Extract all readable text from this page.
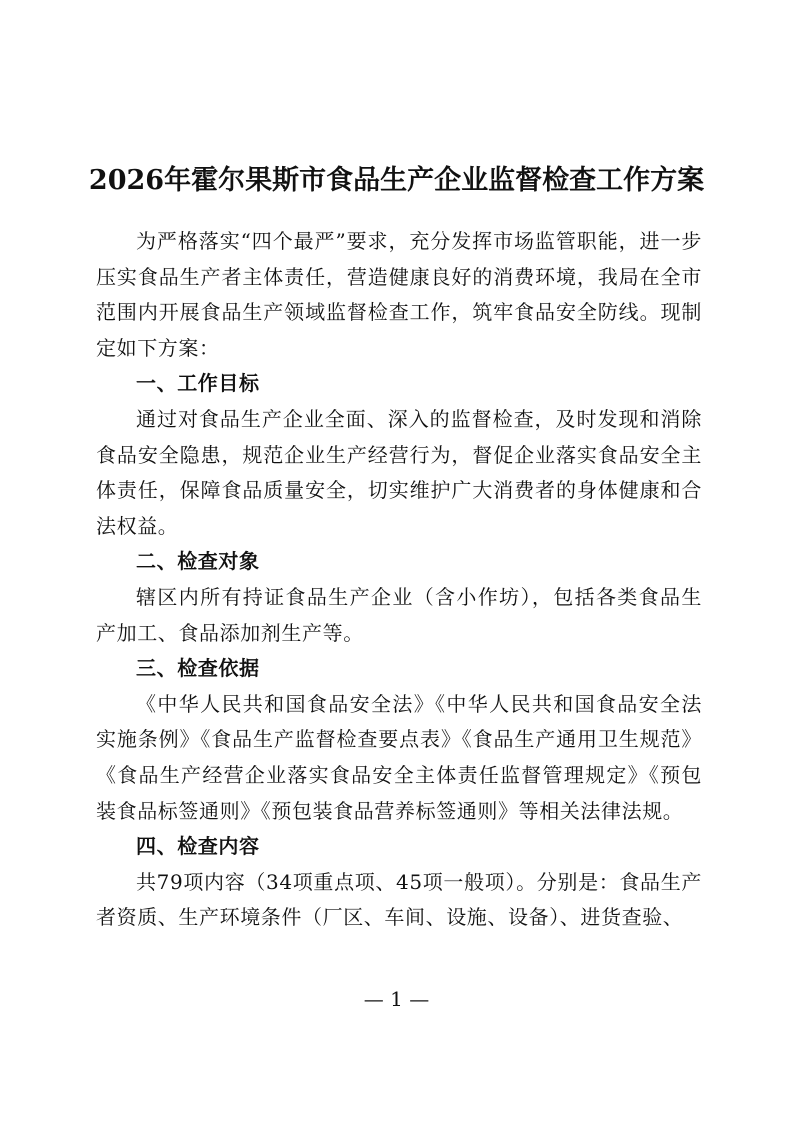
2026年霍尔果斯市食品生产企业监督检查工作方案

为严格落实“四个最严”要求，充分发挥市场监管职能，进一步压实食品生产者主体责任，营造健康良好的消费环境，我局在全市范围内开展食品生产领域监督检查工作，筑牢食品安全防线。现制定如下方案：

一、工作目标

通过对食品生产企业全面、深入的监督检查，及时发现和消除食品安全隐患，规范企业生产经营行为，督促企业落实食品安全主体责任，保障食品质量安全，切实维护广大消费者的身体健康和合法权益。

二、检查对象

辖区内所有持证食品生产企业（含小作坊），包括各类食品生产加工、食品添加剂生产等。

三、检查依据

《中华人民共和国食品安全法》《中华人民共和国食品安全法实施条例》《食品生产监督检查要点表》《食品生产通用卫生规范》《食品生产经营企业落实食品安全主体责任监督管理规定》《预包装食品标签通则》《预包装食品营养标签通则》等相关法律法规。

四、检查内容

共79项内容（34项重点项、45项一般项）。分别是：食品生产者资质、生产环境条件（厂区、车间、设施、设备）、进货查验、

— 1 —
